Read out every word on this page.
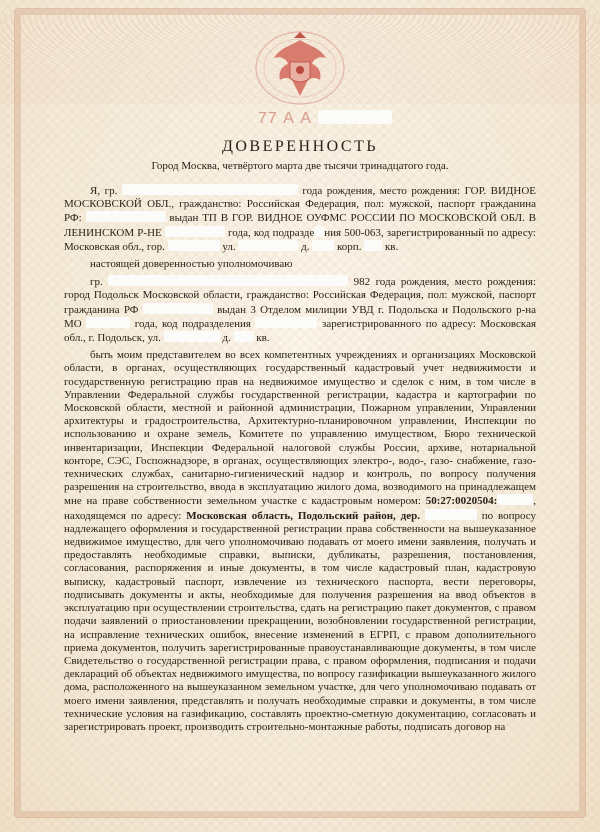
77 А А
ДОВЕРЕННОСТЬ
Город Москва, четвёртого марта две тысячи тринадцатого года.

Я, гр.	года рождения, место рождения: ГОР. ВИДНОЕ МОСКОВСКОЙ ОБЛ., гражданство: Российская Федерация, пол: мужской, паспорт гражданина РФ:	выдан ТП В ГОР. ВИДНОЕ ОУФМС РОССИИ ПО МОСКОВСКОЙ ОБЛ. В ЛЕНИНСКОМ Р-НЕ	года, код подразде ния 500-063, зарегистрированный по адресу: Московская обл., гор.	ул.	д.	корп. кв.

настоящей доверенностью уполномочиваю

гр.	982 года рождения, место рождения: город Подольск Московской области, гражданство: Российская Федерация, пол: мужской, паспорт гражданина РФ	выдан 3 Отделом милиции УВД г. Подольска и Подольского р-на МО	года, код подразделения	зарегистрированного по адресу: Московская обл., г. Подольск, ул.	д. кв.

быть моим представителем во всех компетентных учреждениях и организациях Московской области, в органах, осуществляющих государственный кадастровый учет недвижимости и государственную регистрацию прав на недвижимое имущество и сделок с ним, в том числе в Управлении Федеральной службы государственной регистрации, кадастра и картографии по Московской области, местной и районной администрации, Пожарном управлении, Управлении архитектуры и градостроительства, Архитектурно-планировочном управлении, Инспекции по использованию и охране земель, Комитете по управлению имуществом, Бюро технической инвентаризации, Инспекции Федеральной налоговой службы России, архиве, нотариальной конторе, СЭС, Госпожнадзоре, в органах, осуществляющих электро-, водо-, газо- снабжение, газо-технических службах, санитарно-гигиенический надзор и контроль, по вопросу получения разрешения на строительство, ввода в эксплуатацию жилого дома, возводимого на принадлежащем мне на праве собственности земельном участке с кадастровым номером: 50:27:0020504:	, находящемся по адресу: Московская область, Подольский район, дер.	по вопросу надлежащего оформления и государственной регистрации права собственности на вышеуказанное недвижимое имущество, для чего уполномочиваю подавать от моего имени заявления, получать и предоставлять необходимые справки, выписки, дубликаты, разрешения, постановления, согласования, распоряжения и иные документы, в том числе кадастровый план, кадастровую выписку, кадастровый паспорт, извлечение из технического паспорта, вести переговоры, подписывать документы и акты, необходимые для получения разрешения на ввод объектов в эксплуатацию при осуществлении строительства, сдать на регистрацию пакет документов, с правом подачи заявлений о приостановлении прекращении, возобновлении государственной регистрации, на исправление технических ошибок, внесение изменений в ЕГРП, с правом дополнительного приема документов, получить зарегистрированные правоустанавливающие документы, в том числе Свидетельство о государственной регистрации права, с правом оформления, подписания и подачи деклараций об объектах недвижимого имущества, по вопросу газификации вышеуказанного жилого дома, расположенного на вышеуказанном земельном участке, для чего уполномочиваю подавать от моего имени заявления, представлять и получать необходимые справки и документы, в том числе технические условия на газификацию, составлять проектно-сметную документацию, согласовать и зарегистрировать проект, производить строительно-монтажные работы, подписать договор на
